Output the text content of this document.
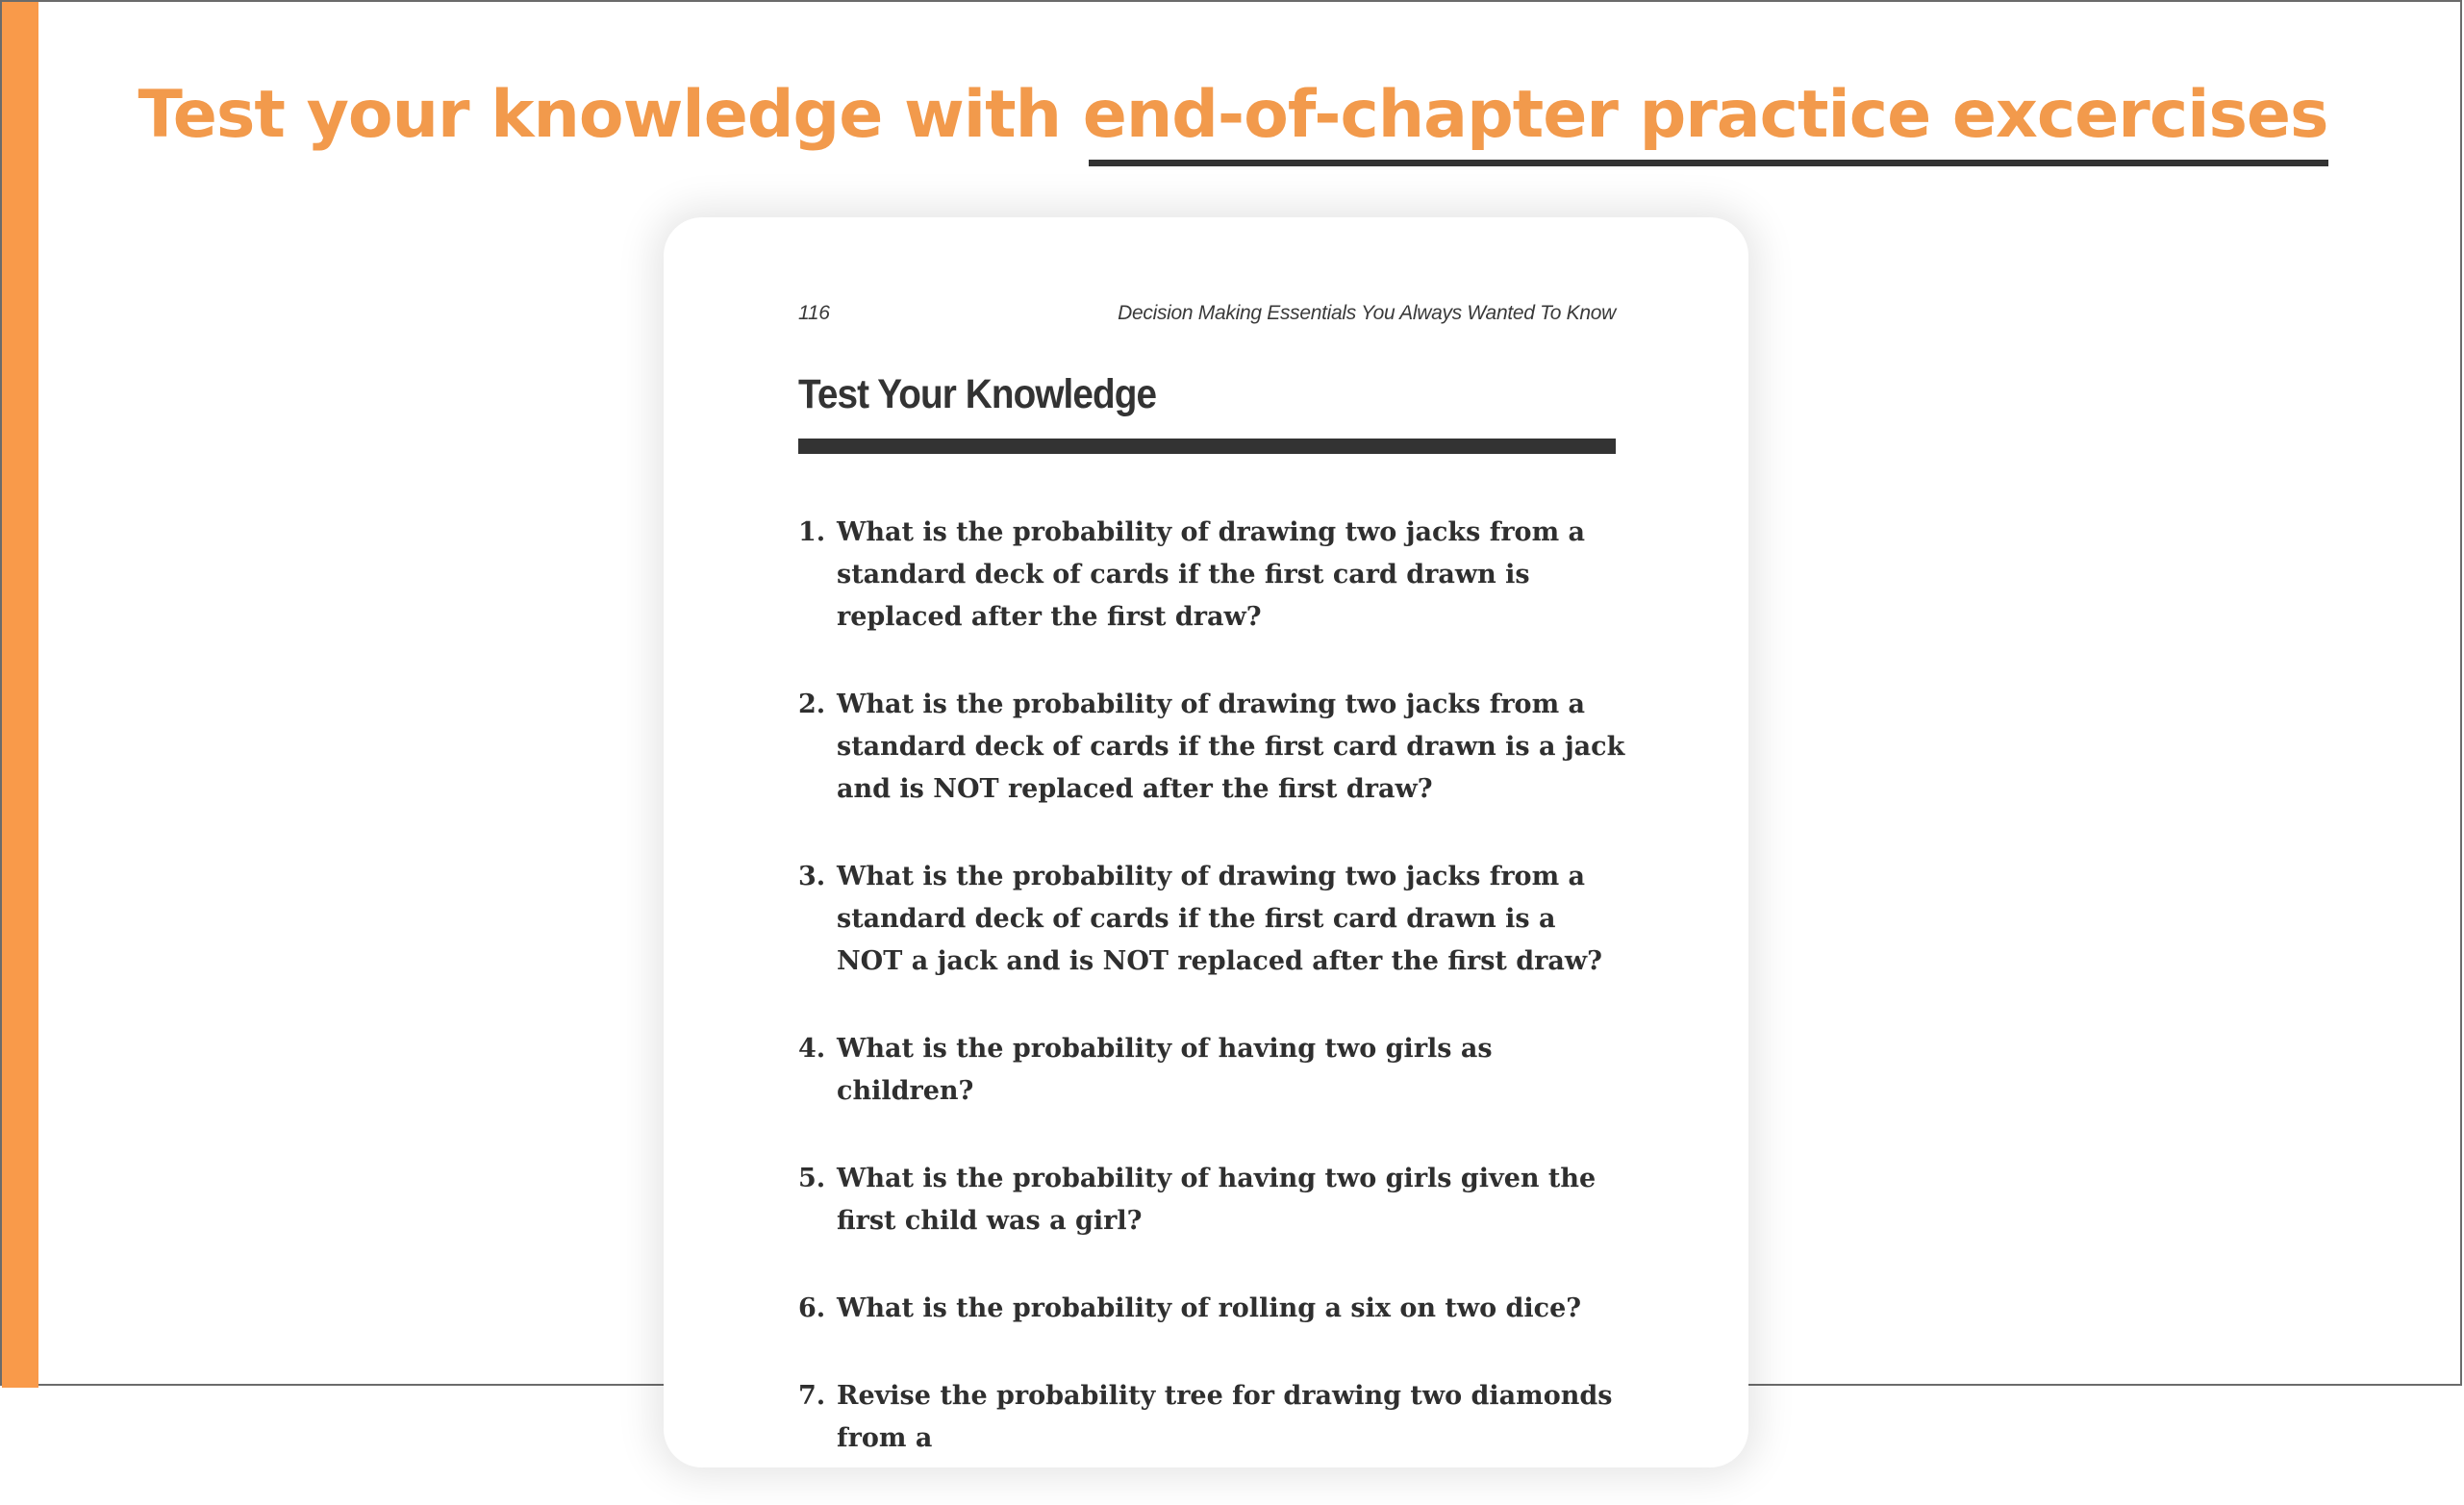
Test your knowledge with end-of-chapter practice excercises
116	Decision Making Essentials You Always Wanted To Know
Test Your Knowledge
1. What is the probability of drawing two jacks from a standard deck of cards if the first card drawn is replaced after the first draw?
2. What is the probability of drawing two jacks from a standard deck of cards if the first card drawn is a jack and is NOT replaced after the first draw?
3. What is the probability of drawing two jacks from a standard deck of cards if the first card drawn is a NOT a jack and is NOT replaced after the first draw?
4. What is the probability of having two girls as children?
5. What is the probability of having two girls given the first child was a girl?
6. What is the probability of rolling a six on two dice?
7. Revise the probability tree for drawing two diamonds from a
